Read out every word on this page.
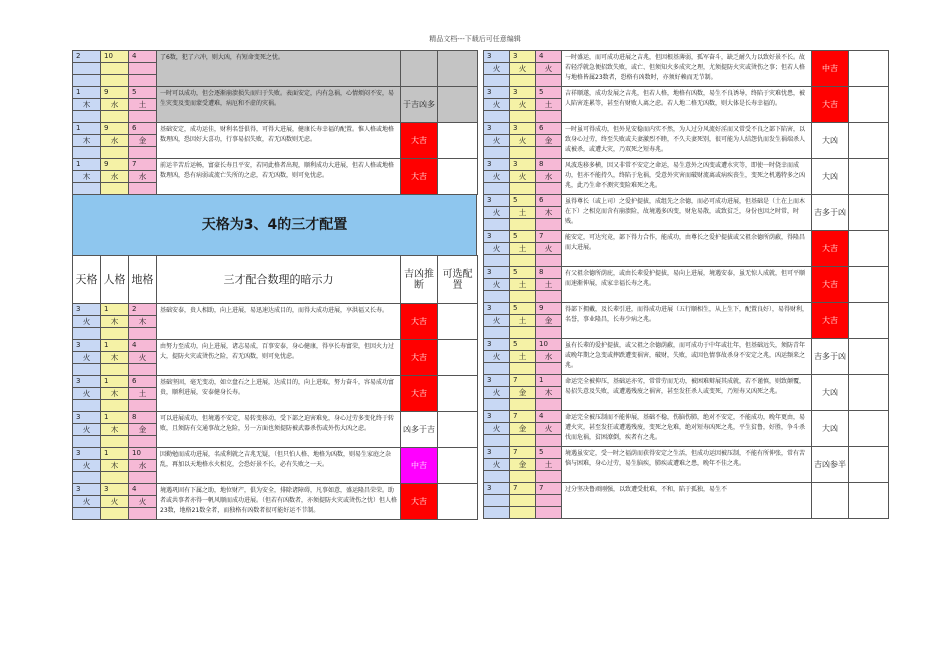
精品文档---下载后可任意编辑
2	10	4	了6数，犯了六冲，则大凶，有短命变死之忧。		

1	9	5	一时可以成功，但会逐渐崩溃损失而归于失败。表面安定，内有急祸，心情烦闷不安，易生灾变及变而蒙受遭难，病厄和不虚的灾祸。	于吉凶多	
木	水	土			

1	9	6	基础安定，成功运佳，财利名誉俱得，可得大进展，健康长寿幸福的配置。惟人格或地格数理凶，恐因好大喜功，行事易招失败，若无凶数则无虑。	大吉	
木	水	金			

1	9	7	前运辛苦后运畅，富豪长寿且平安，若同此格者出现，顺利成功大进展，但若人格或地格数理凶，恐有病弱或流亡失所的之虑，若无凶数，则可免忧虑。	大吉	
木	水	水			

天格为3、4的三才配置
天格	人格	地格	三才配合数理的暗示力	吉凶推断	可选配置
3	1	2	基础安泰，贵人相助，向上进展，易迅速达成目的，而得大成功进展，享洪福又长寿。	大吉	
火	木	木			

3	1	4	由努力至成功，向上进展，诸志易成，百事安泰，身心健康，得享长寿富荣，但因火力过大，提防火灾或烫伤之险，若无凶数，则可免忧虑。	大吉	
火	木	火			

3	1	6	基础坚固，毫无变动，如立盘石之上进展，达成目的，向上进取，努力奋斗，容易成功富贵，顺利进展，安泰健身长寿。	大吉	
火	木	土			

3	1	8	可以进展成功，但境遇不安定，易转变移动，受下部之迫害难免，身心过劳多变化终于转败，且须防有交通事故之危险，另一方面也须提防被武器杀伤或外伤大凶之虑。	凶多于吉	
火	木	金			

3	1	10	因勤勉而成功进展，名成利就之吉兆无疑，（但只怕人格、地格为凶数，则易生家庭之杂乱，再加以天地格水火相克，会恐好景不长，必有失败之一天。	中吉	
火	木	水			

3	3	4	境遇巩固有下属之助，地位财产，俱为安全，排除诸障碍，凡事如意，盛运隆昌荣荣。助者或共事者亦得一帆风顺而成功进展。（但若有凶数者，亦须提防火灾或烫伤之忧）但人格23数，地格21数全者，而独格有凶数者很可能好运不节制。	大吉	
火	火	火			

3	3	4	一时盛运，而可成功进展之吉兆，但因根基薄弱，孤军奋斗，缺乏耐久力以致好景不长。故若轻浮就急便招致失败，或亡、但须知火多成灾之理，尤须提防火灾或烫伤之事；但若人格与地格皆属23数者，恐格有凶数时，亦须好赖而无节制。	中吉	
火	火	火			

3	3	5	吉祥顺遂，成功发展之吉兆，但若人格，地格有凶数，易生不良诱导，终陷于灾难忧患，被人陷害连累等，甚至有财败人离之虑。若人地二格无凶数，则大体是长寿幸福的。	大吉	
火	火	土			

3	3	6	一时虽可得成功，但外见安稳而内实不然，为人过分风流好淫而又常受不良之部下陷害，以致身心过劳，终至失败或夫妻激烈不睦，不久夫妻死别，很可能为人结怨仇而发生祸端杀人或被杀，或遭大灾，乃双死之短寿兆。	大凶	
火	火	金			

3	3	8	风波迭移多横，因又非常不安定之命运，易生意外之凶变或遭水灾等，即使一时侥幸而成功，但亦不能持久，终陷于危祸，受意外灾害而破财流离或病疾丧生，变死之机遇特多之凶兆，此乃生命不测灾变险难死之兆。	大凶	
火	火	水			

3	5	6	虽得尊长（或上司）之爱护提拔，成组先之余德，而必可成功进展，但基础是（土在上而木在下）之相克而含有崩溃险，故境遇多凶变，财危易散，或致贫乏，身份也因之时常，时贱。	吉多于凶	
火	土	木			

3	5	7	能安定，可达究竟，部下得力合作，能成功，由尊长之爱护提拔或父祖余德所荫蔽，得隆昌而大进展。	大吉	
火	土	火			

3	5	8	有父祖余德所荫庇，或由长辈爱护提拔，易向上进展，境遇安泰，虽无惊人成就，但可平顺而速渐伸展，成家幸福长寿之兆。	大吉	
火	土	土			

3	5	9	得部下拥戴，及长辈引进，而得成功进展（五行顺相生，从上生下，配置良好），易得财利，名誉，事业隆昌，长寿少病之兆。	大吉	
火	土	金			

3	5	10	虽有长辈的爱护提拔，或父祖之余德荫蔽，而可成功于中年或壮年，但基础远失，须防青年或晚年期之急变或摔跌遭变祸害，破财，失败，或因色情事故杀身不安定之兆，凶运频来之兆。	吉多于凶	
火	土	水			

3	7	1	命运完全被抑压，基础运亦劣，常常劳而无功，被困难辩展其成就，若不谨慎，则致颠覆，易招失意及失败，或遭遇残废之祸害，甚至发狂杀人或变死，乃短寿又凶死之兆。	大凶	
火	金	木			

3	7	4	命运完全被压制而不能伸展，基础不稳，伤脑伤肺，绝对不安定，不能成功，晚年更由，易遭火灾，甚至发狂或遭遇残废，变死之危难，绝对短寿凶死之兆，平生贫鲁，好胜，争斗杀伐而危祸，贫困潦倒，疾者有之兆。	大凶	
火	金	火			

3	7	5	境遇虽安定，受一时之福荫而获得安定之生活，但成功运因被压制，不能有所伸张，常有苦恼与困难，身心过劳，易生脑疾，肺疾或遭难之患，晚年不佳之兆。	吉凶参半	
火	金	土			

3	7	7	过分坚决鲁顽刚强，以致遭受批难，不和，陷于孤独，易生不		
